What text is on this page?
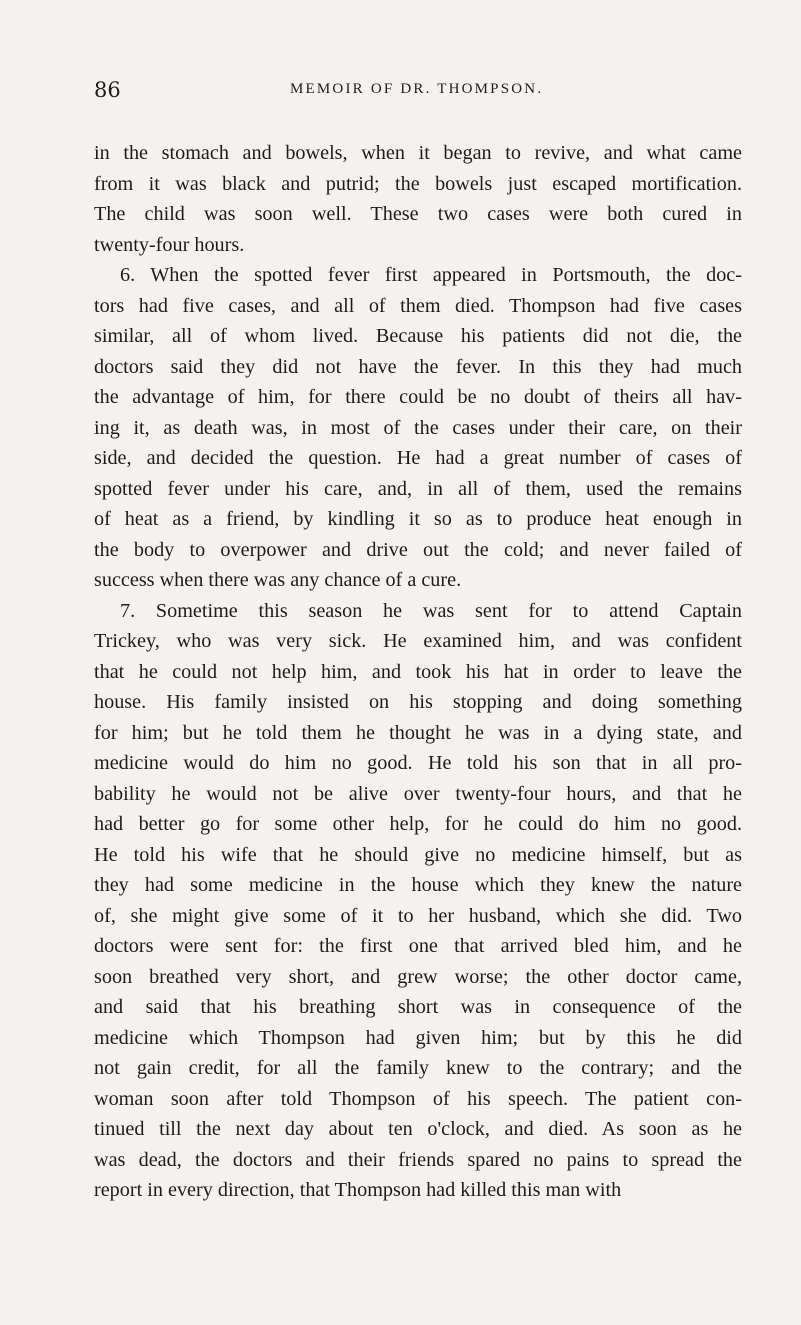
86	MEMOIR OF DR. THOMPSON.
in the stomach and bowels, when it began to revive, and what came
from it was black and putrid; the bowels just escaped mortification.
The child was soon well. These two cases were both cured in
twenty-four hours.
6. When the spotted fever first appeared in Portsmouth, the doc-
tors had five cases, and all of them died. Thompson had five cases
similar, all of whom lived. Because his patients did not die, the
doctors said they did not have the fever. In this they had much
the advantage of him, for there could be no doubt of theirs all hav-
ing it, as death was, in most of the cases under their care, on their
side, and decided the question. He had a great number of cases of
spotted fever under his care, and, in all of them, used the remains
of heat as a friend, by kindling it so as to produce heat enough in
the body to overpower and drive out the cold; and never failed of
success when there was any chance of a cure.
7. Sometime this season he was sent for to attend Captain
Trickey, who was very sick. He examined him, and was confident
that he could not help him, and took his hat in order to leave the
house. His family insisted on his stopping and doing something
for him; but he told them he thought he was in a dying state, and
medicine would do him no good. He told his son that in all pro-
bability he would not be alive over twenty-four hours, and that he
had better go for some other help, for he could do him no good.
He told his wife that he should give no medicine himself, but as
they had some medicine in the house which they knew the nature
of, she might give some of it to her husband, which she did. Two
doctors were sent for: the first one that arrived bled him, and he
soon breathed very short, and grew worse; the other doctor came,
and said that his breathing short was in consequence of the
medicine which Thompson had given him; but by this he did
not gain credit, for all the family knew to the contrary; and the
woman soon after told Thompson of his speech. The patient con-
tinued till the next day about ten o'clock, and died. As soon as he
was dead, the doctors and their friends spared no pains to spread the
report in every direction, that Thompson had killed this man with
